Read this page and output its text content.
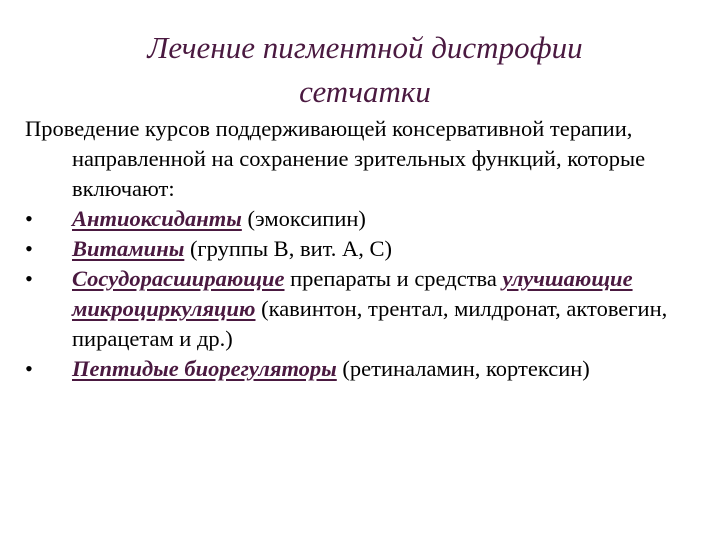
Лечение пигментной дистрофии
сетчатки

Проведение курсов поддерживающей консервативной терапии, направленной на сохранение зрительных функций, которые включают:

•	Антиоксиданты (эмоксипин)
•	Витамины (группы В, вит. А, С)
•	Сосудорасширающие препараты и средства улучшающие микроциркуляцию (кавинтон, трентал, милдронат, актовегин, пирацетам и др.)
•	Пептидые биорегуляторы (ретиналамин, кортексин)
